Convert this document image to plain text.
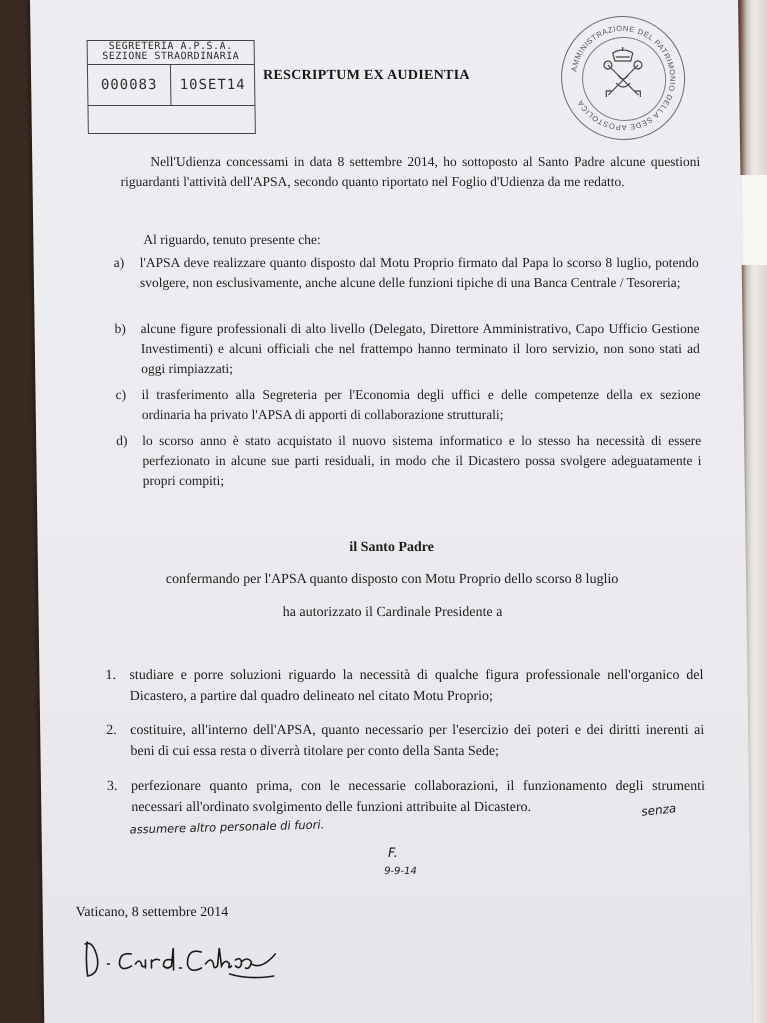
SEGRETERIA A.P.S.A.
SEZIONE STRAORDINARIA
000083	10SET14
RESCRIPTUM EX AUDIENTIA	AMMINISTRAZIONE DEL PATRIMONIO DELLA SEDE APOSTOLICA
Nell'Udienza concessami in data 8 settembre 2014, ho sottoposto al Santo Padre alcune questioni riguardanti l'attività dell'APSA, secondo quanto riportato nel Foglio d'Udienza da me redatto.
Al riguardo, tenuto presente che:
a)	l'APSA deve realizzare quanto disposto dal Motu Proprio firmato dal Papa lo scorso 8 luglio, potendo svolgere, non esclusivamente, anche alcune delle funzioni tipiche di una Banca Centrale / Tesoreria;
b)	alcune figure professionali di alto livello (Delegato, Direttore Amministrativo, Capo Ufficio Gestione Investimenti) e alcuni officiali che nel frattempo hanno terminato il loro servizio, non sono stati ad oggi rimpiazzati;
c)	il trasferimento alla Segreteria per l'Economia degli uffici e delle competenze della ex sezione ordinaria ha privato l'APSA di apporti di collaborazione strutturali;
d)	lo scorso anno è stato acquistato il nuovo sistema informatico e lo stesso ha necessità di essere perfezionato in alcune sue parti residuali, in modo che il Dicastero possa svolgere adeguatamente i propri compiti;
il Santo Padre
confermando per l'APSA quanto disposto con Motu Proprio dello scorso 8 luglio
ha autorizzato il Cardinale Presidente a
1. studiare e porre soluzioni riguardo la necessità di qualche figura professionale nell'organico del Dicastero, a partire dal quadro delineato nel citato Motu Proprio;
2. costituire, all'interno dell'APSA, quanto necessario per l'esercizio dei poteri e dei diritti inerenti ai beni di cui essa resta o diverrà titolare per conto della Santa Sede;
3. perfezionare quanto prima, con le necessarie collaborazioni, il funzionamento degli strumenti necessari all'ordinato svolgimento delle funzioni attribuite al Dicastero.	senza
assumere altro personale di fuori.
F.
9-9-14
Vaticano, 8 settembre 2014
